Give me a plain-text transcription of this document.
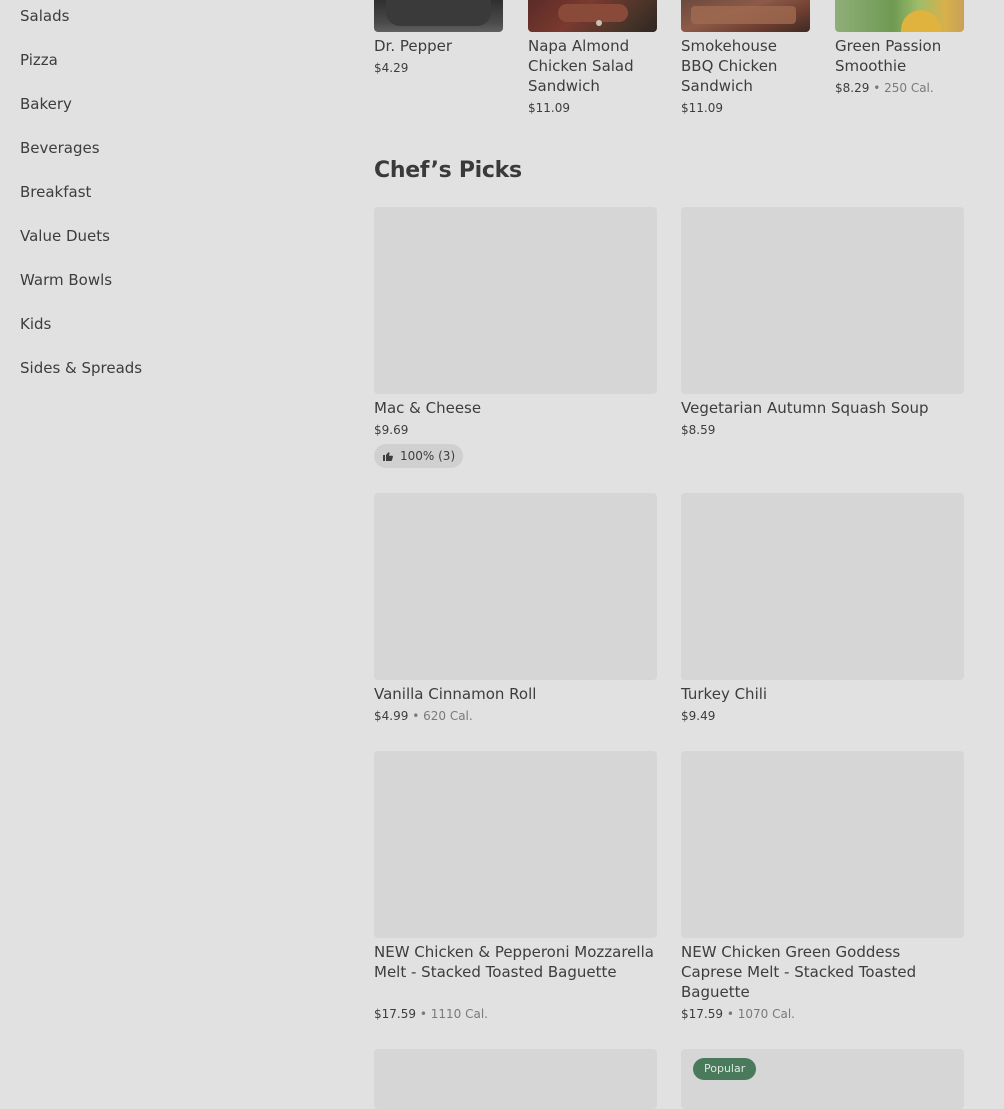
Salads
Pizza
Bakery
Beverages
Breakfast
Value Duets
Warm Bowls
Kids
Sides & Spreads
Dr. Pepper
$4.29
Napa Almond Chicken Salad Sandwich
$11.09
Smokehouse BBQ Chicken Sandwich
$11.09
Green Passion Smoothie
$8.29 • 250 Cal.
Chef’s Picks
Mac & Cheese
$9.69
100% (3)
Vegetarian Autumn Squash Soup
$8.59
Vanilla Cinnamon Roll
$4.99 • 620 Cal.
Turkey Chili
$9.49
NEW Chicken & Pepperoni Mozzarella Melt - Stacked Toasted Baguette
$17.59 • 1110 Cal.
NEW Chicken Green Goddess Caprese Melt - Stacked Toasted Baguette
$17.59 • 1070 Cal.
Popular
